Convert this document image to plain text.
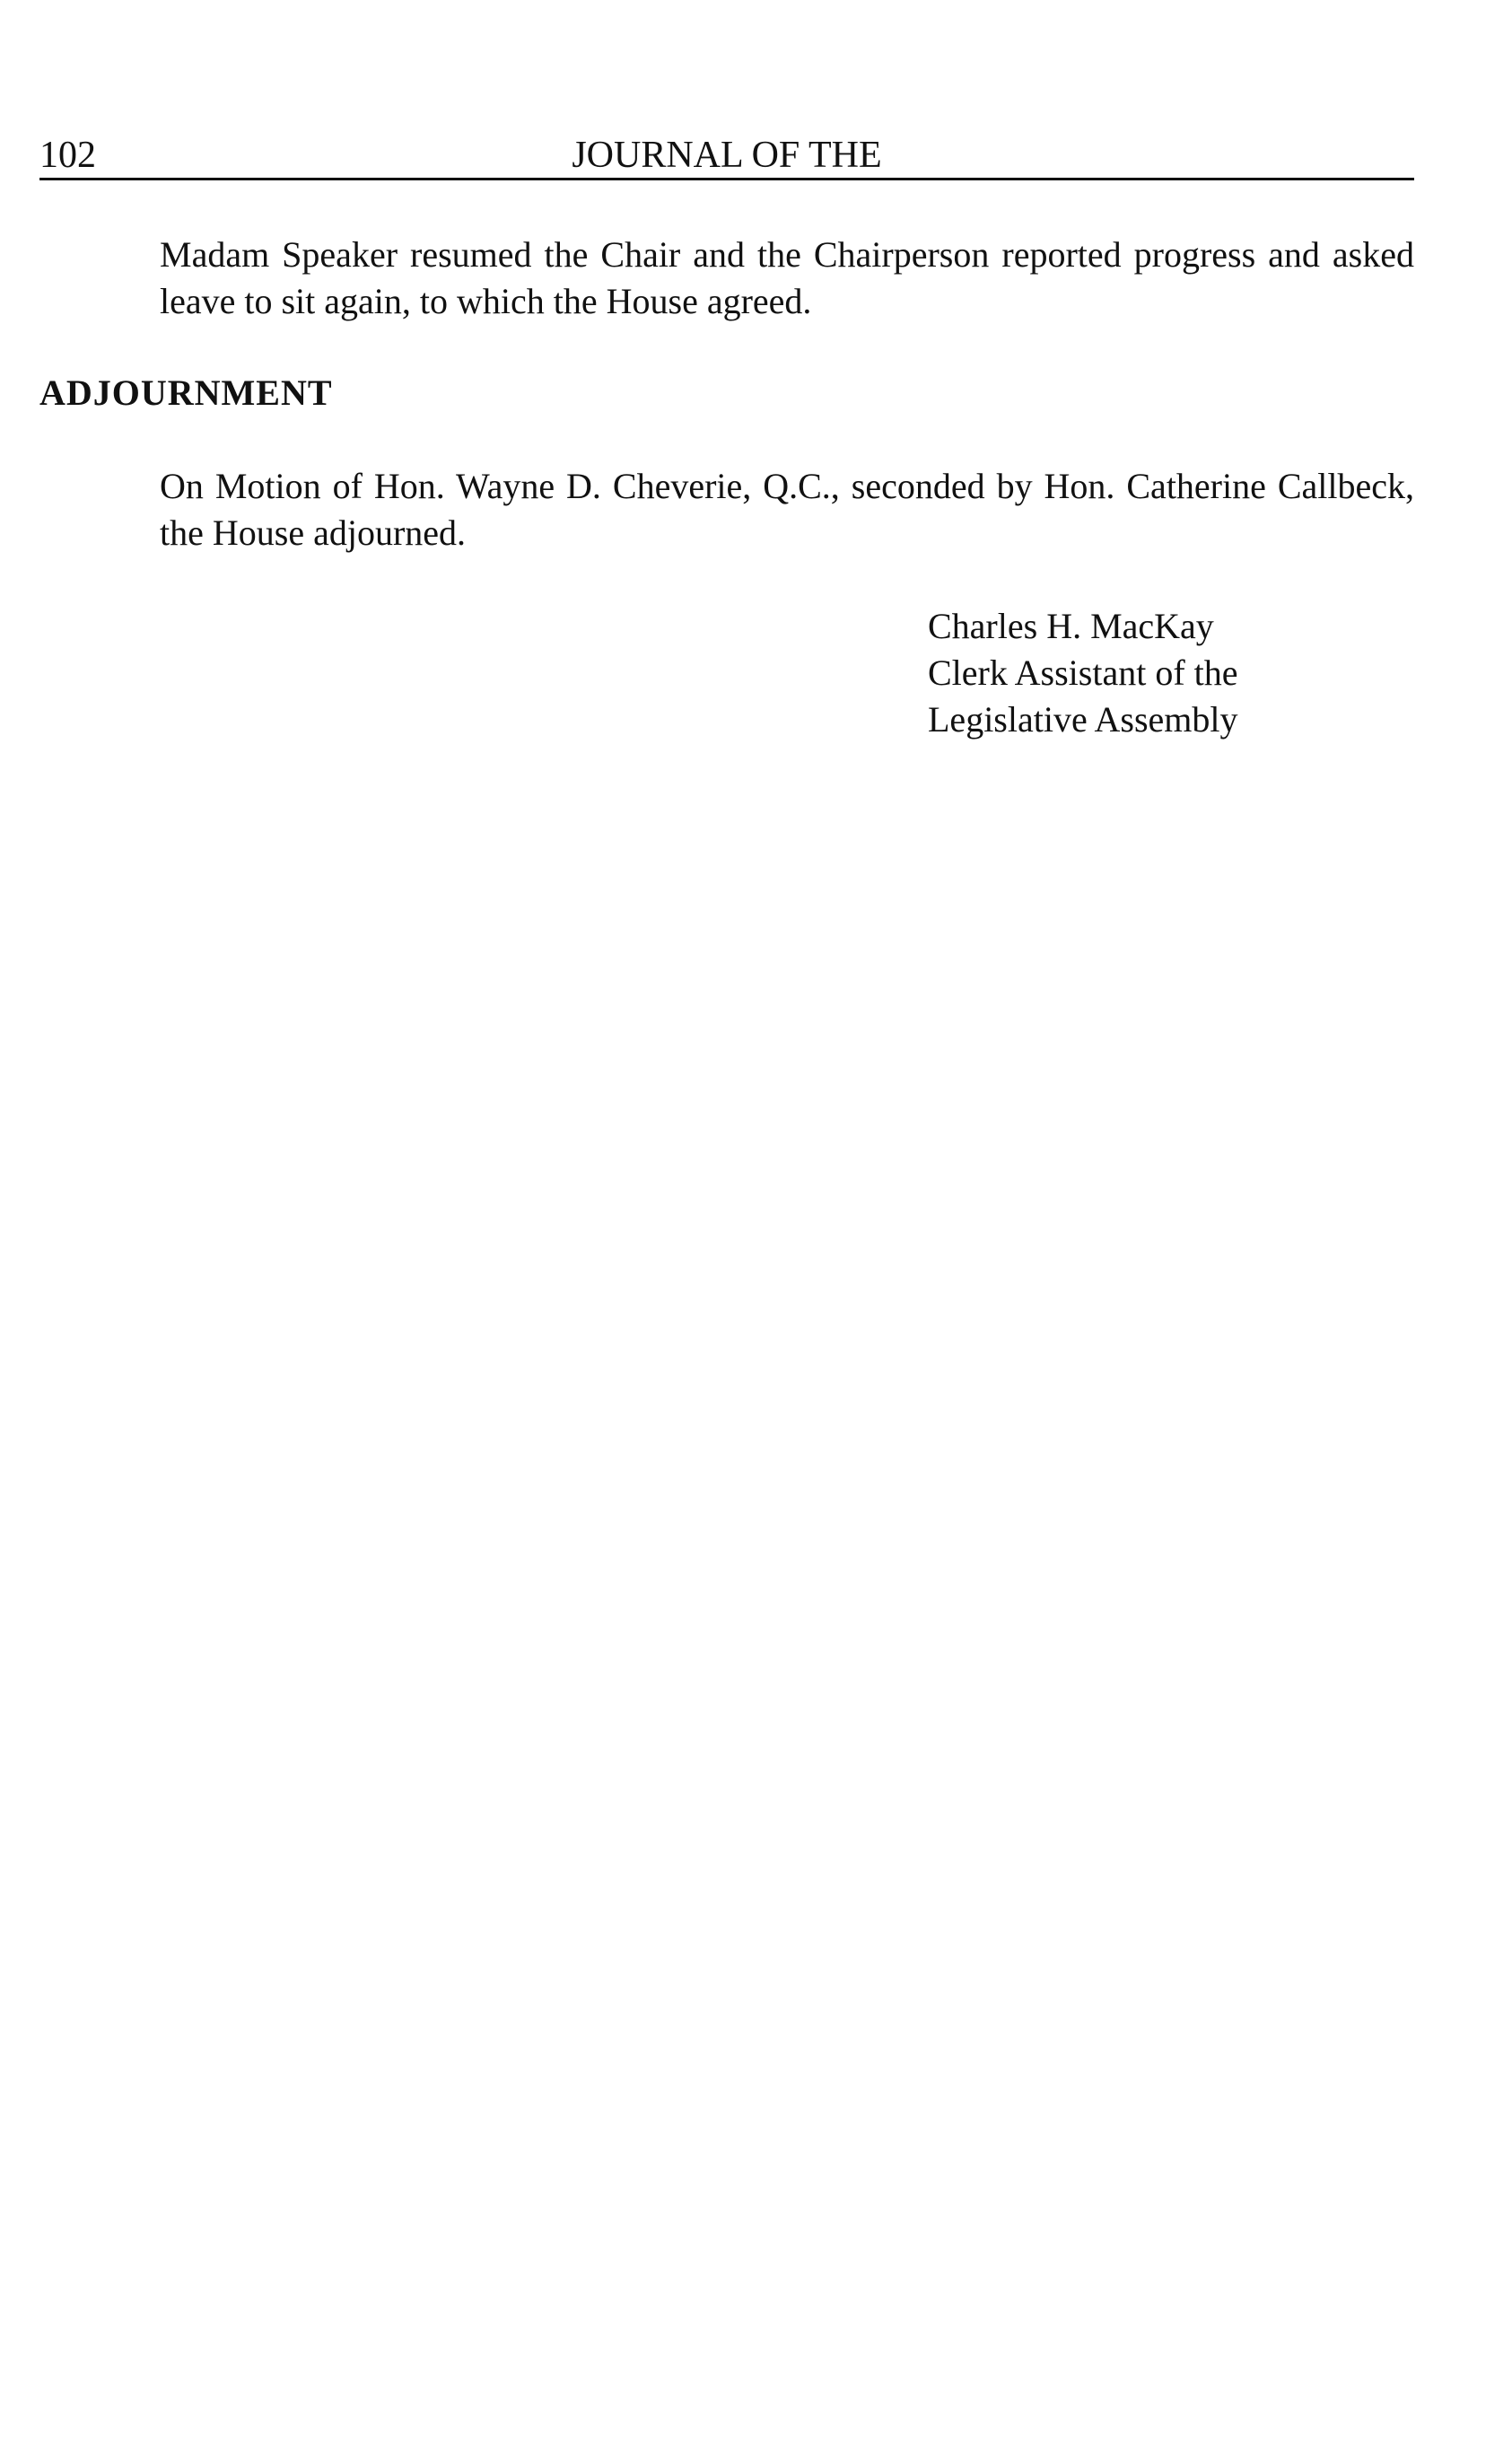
102	JOURNAL OF THE

Madam Speaker resumed the Chair and the Chairperson reported progress and asked leave to sit again, to which the House agreed.

ADJOURNMENT

On Motion of Hon. Wayne D. Cheverie, Q.C., seconded by Hon. Catherine Callbeck, the House adjourned.

Charles H. MacKay
Clerk Assistant of the
Legislative Assembly
